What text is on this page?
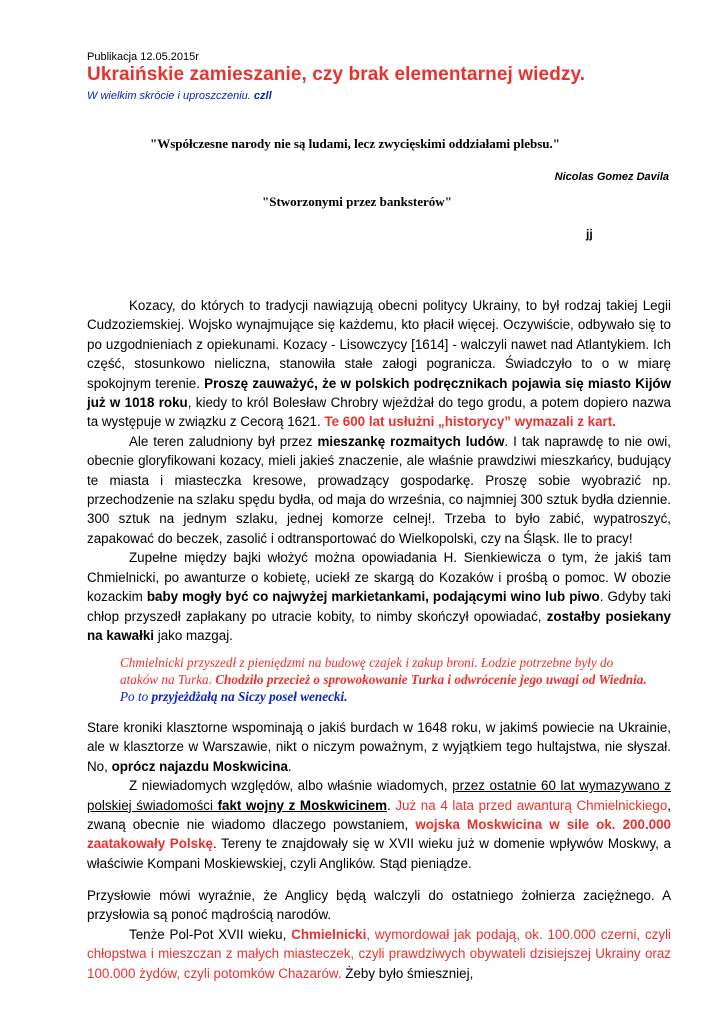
Publikacja 12.05.2015r
Ukraińskie zamieszanie, czy brak elementarnej wiedzy.
W wielkim skrócie i uproszczeniu. czll
"Współczesne narody nie są ludami, lecz zwycięskimi oddziałami plebsu."
Nicolas Gomez Davila
"Stworzonymi przez banksterów"
jj

Kozacy, do których to tradycji nawiązują obecni politycy Ukrainy, to był rodzaj takiej Legii Cudzoziemskiej. Wojsko wynajmujące się każdemu, kto płacił więcej. Oczywiście, odbywało się to po uzgodnieniach z opiekunami. Kozacy - Lisowczycy [1614] - walczyli nawet nad Atlantykiem. Ich część, stosunkowo nieliczna, stanowiła stałe załogi pogranicza. Świadczyło to o w miarę spokojnym terenie. Proszę zauważyć, że w polskich podręcznikach pojawia się miasto Kijów już w 1018 roku, kiedy to król Bolesław Chrobry wjeżdżał do tego grodu, a potem dopiero nazwa ta występuje w związku z Cecorą 1621. Te 600 lat usłużni „historycy” wymazali z kart.

Ale teren zaludniony był przez mieszankę rozmaitych ludów. I tak naprawdę to nie owi, obecnie gloryfikowani kozacy, mieli jakieś znaczenie, ale właśnie prawdziwi mieszkańcy, budujący te miasta i miasteczka kresowe, prowadzący gospodarkę. Proszę sobie wyobrazić np. przechodzenie na szlaku spędu bydła, od maja do września, co najmniej 300 sztuk bydła dziennie. 300 sztuk na jednym szlaku, jednej komorze celnej!. Trzeba to było zabić, wypatroszyć, zapakować do beczek, zasolić i odtransportować do Wielkopolski, czy na Śląsk. Ile to pracy!

Zupełne między bajki włożyć można opowiadania H. Sienkiewicza o tym, że jakiś tam Chmielnicki, po awanturze o kobietę, uciekł ze skargą do Kozaków i prośbą o pomoc. W obozie kozackim baby mogły być co najwyżej markietankami, podającymi wino lub piwo. Gdyby taki chłop przyszedł zapłakany po utracie kobity, to nimby skończył opowiadać, zostałby posiekany na kawałki jako mazgaj.

Chmielnicki przyszedł z pieniędzmi na budowę czajek i zakup broni. Łodzie potrzebne były do ataków na Turka. Chodziło przecież o sprowokowanie Turka i odwrócenie jego uwagi od Wiednia. Po to przyjeżdżałą na Siczy poseł wenecki.

Stare kroniki klasztorne wspominają o jakiś burdach w 1648 roku, w jakimś powiecie na Ukrainie, ale w klasztorze w Warszawie, nikt o niczym poważnym, z wyjątkiem tego hultajstwa, nie słyszał. No, oprócz najazdu Moskwicina.

Z niewiadomych względów, albo właśnie wiadomych, przez ostatnie 60 lat wymazywano z polskiej świadomości fakt wojny z Moskwicinem. Już na 4 lata przed awanturą Chmielnickiego, zwaną obecnie nie wiadomo dlaczego powstaniem, wojska Moskwicina w sile ok. 200.000 zaatakowały Polskę. Tereny te znajdowały się w XVII wieku już w domenie wpływów Moskwy, a właściwie Kompani Moskiewskiej, czyli Anglików. Stąd pieniądze.

Przysłowie mówi wyraźnie, że Anglicy będą walczyli do ostatniego żołnierza zaciężnego. A przysłowia są ponoć mądrością narodów.

Tenże Pol-Pot XVII wieku, Chmielnicki, wymordował jak podają, ok. 100.000 czerni, czyli chłopstwa i mieszczan z małych miasteczek, czyli prawdziwych obywateli dzisiejszej Ukrainy oraz 100.000 żydów, czyli potomków Chazarów. Żeby było śmieszniej,
